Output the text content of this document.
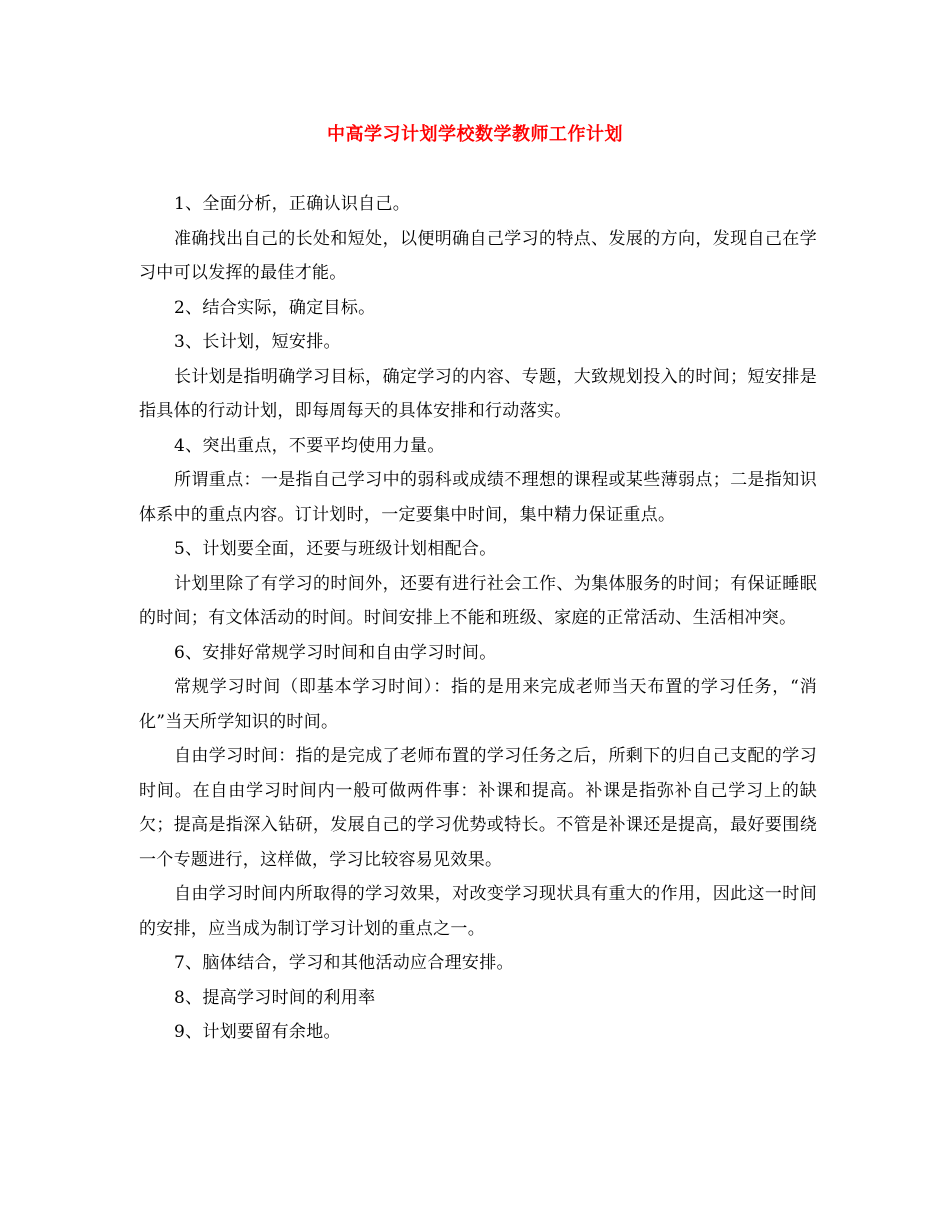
中高学习计划学校数学教师工作计划

1、全面分析，正确认识自己。

准确找出自己的长处和短处，以便明确自己学习的特点、发展的方向，发现自己在学习中可以发挥的最佳才能。

2、结合实际，确定目标。

3、长计划，短安排。

长计划是指明确学习目标，确定学习的内容、专题，大致规划投入的时间；短安排是指具体的行动计划，即每周每天的具体安排和行动落实。

4、突出重点，不要平均使用力量。

所谓重点：一是指自己学习中的弱科或成绩不理想的课程或某些薄弱点；二是指知识体系中的重点内容。订计划时，一定要集中时间，集中精力保证重点。

5、计划要全面，还要与班级计划相配合。

计划里除了有学习的时间外，还要有进行社会工作、为集体服务的时间；有保证睡眠的时间；有文体活动的时间。时间安排上不能和班级、家庭的正常活动、生活相冲突。

6、安排好常规学习时间和自由学习时间。

常规学习时间（即基本学习时间）：指的是用来完成老师当天布置的学习任务，“消化”当天所学知识的时间。

自由学习时间：指的是完成了老师布置的学习任务之后，所剩下的归自己支配的学习时间。在自由学习时间内一般可做两件事：补课和提高。补课是指弥补自己学习上的缺欠；提高是指深入钻研，发展自己的学习优势或特长。不管是补课还是提高，最好要围绕一个专题进行，这样做，学习比较容易见效果。

自由学习时间内所取得的学习效果，对改变学习现状具有重大的作用，因此这一时间的安排，应当成为制订学习计划的重点之一。

7、脑体结合，学习和其他活动应合理安排。

8、提高学习时间的利用率

9、计划要留有余地。
